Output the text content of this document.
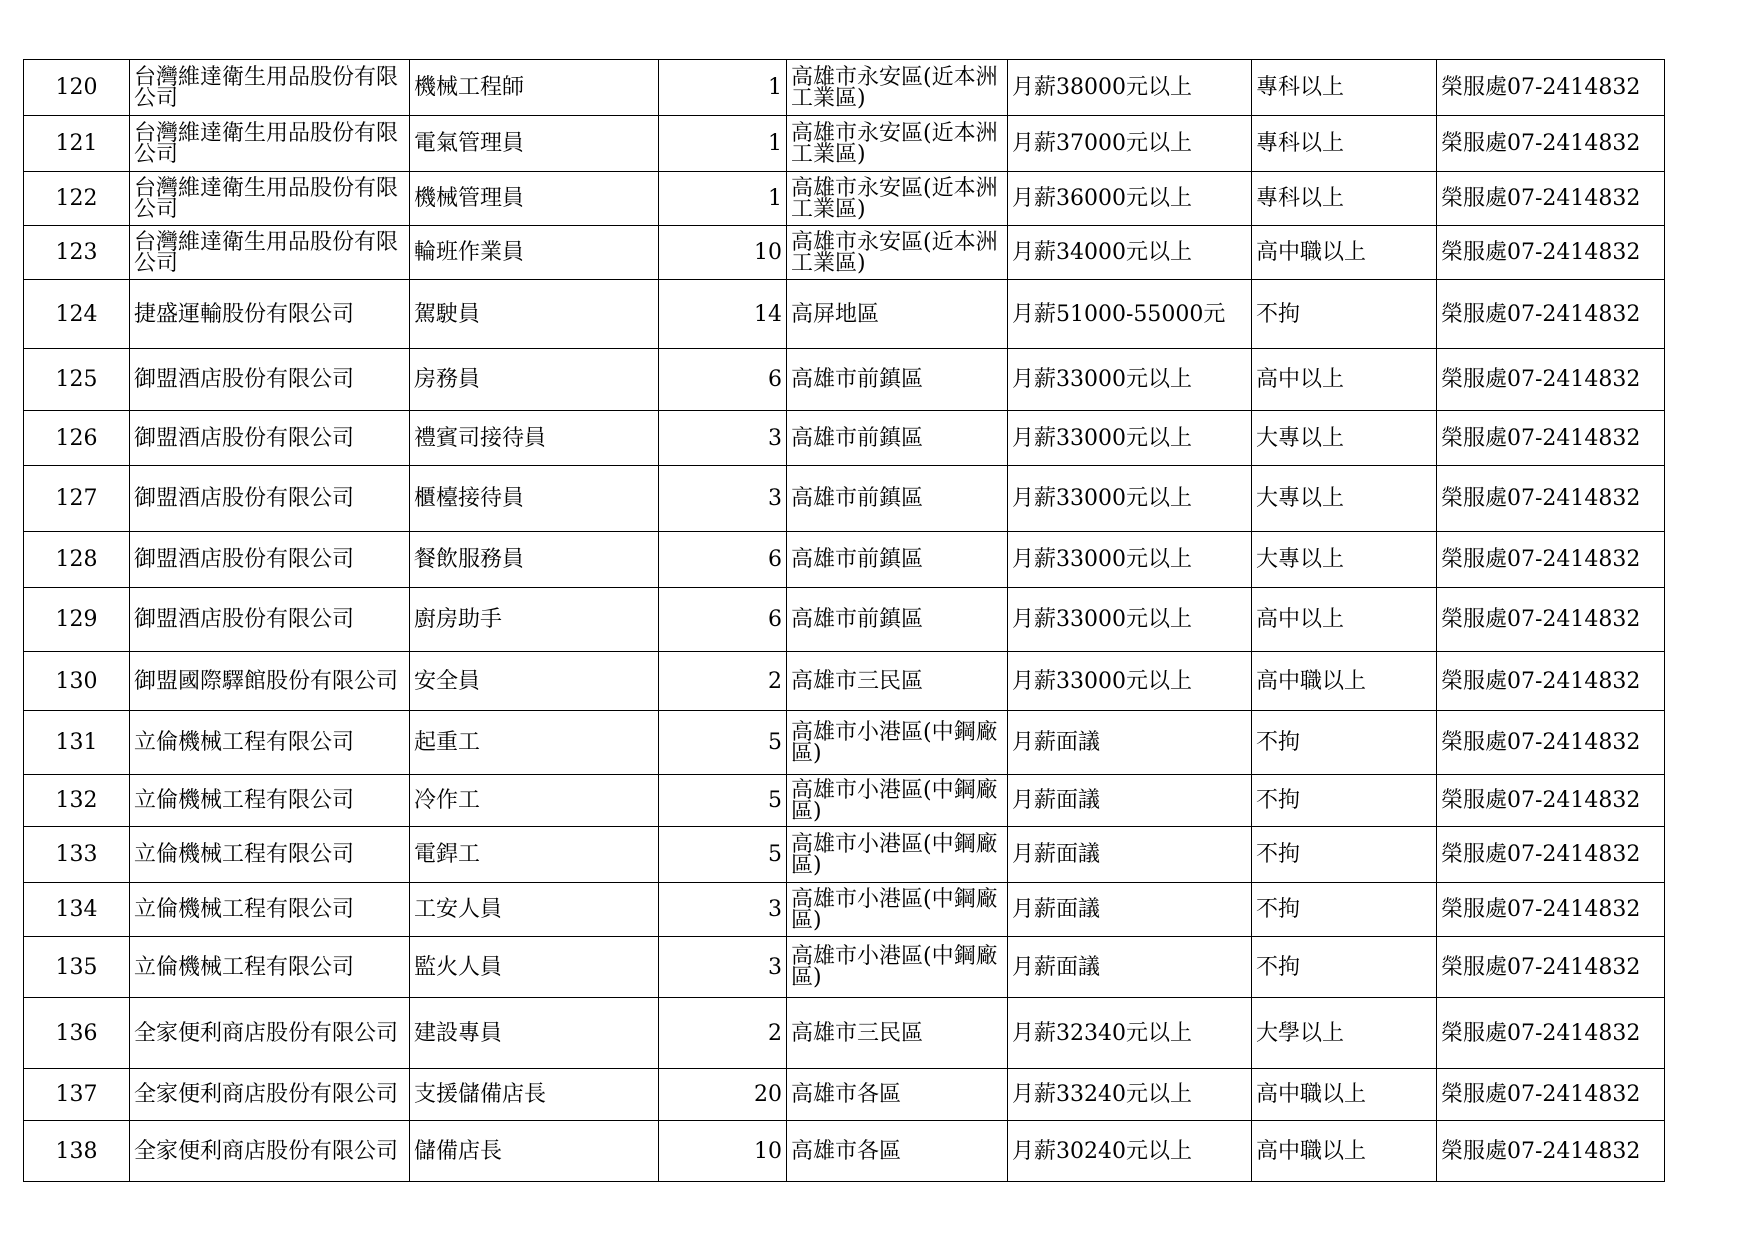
120	台灣維達衛生用品股份有限公司	機械工程師	1	高雄市永安區(近本洲工業區)	月薪38000元以上	專科以上	榮服處07-2414832
121	台灣維達衛生用品股份有限公司	電氣管理員	1	高雄市永安區(近本洲工業區)	月薪37000元以上	專科以上	榮服處07-2414832
122	台灣維達衛生用品股份有限公司	機械管理員	1	高雄市永安區(近本洲工業區)	月薪36000元以上	專科以上	榮服處07-2414832
123	台灣維達衛生用品股份有限公司	輪班作業員	10	高雄市永安區(近本洲工業區)	月薪34000元以上	高中職以上	榮服處07-2414832
124	捷盛運輸股份有限公司	駕駛員	14	高屏地區	月薪51000-55000元	不拘	榮服處07-2414832
125	御盟酒店股份有限公司	房務員	6	高雄市前鎮區	月薪33000元以上	高中以上	榮服處07-2414832
126	御盟酒店股份有限公司	禮賓司接待員	3	高雄市前鎮區	月薪33000元以上	大專以上	榮服處07-2414832
127	御盟酒店股份有限公司	櫃檯接待員	3	高雄市前鎮區	月薪33000元以上	大專以上	榮服處07-2414832
128	御盟酒店股份有限公司	餐飲服務員	6	高雄市前鎮區	月薪33000元以上	大專以上	榮服處07-2414832
129	御盟酒店股份有限公司	廚房助手	6	高雄市前鎮區	月薪33000元以上	高中以上	榮服處07-2414832
130	御盟國際驛館股份有限公司	安全員	2	高雄市三民區	月薪33000元以上	高中職以上	榮服處07-2414832
131	立倫機械工程有限公司	起重工	5	高雄市小港區(中鋼廠區)	月薪面議	不拘	榮服處07-2414832
132	立倫機械工程有限公司	冷作工	5	高雄市小港區(中鋼廠區)	月薪面議	不拘	榮服處07-2414832
133	立倫機械工程有限公司	電銲工	5	高雄市小港區(中鋼廠區)	月薪面議	不拘	榮服處07-2414832
134	立倫機械工程有限公司	工安人員	3	高雄市小港區(中鋼廠區)	月薪面議	不拘	榮服處07-2414832
135	立倫機械工程有限公司	監火人員	3	高雄市小港區(中鋼廠區)	月薪面議	不拘	榮服處07-2414832
136	全家便利商店股份有限公司	建設專員	2	高雄市三民區	月薪32340元以上	大學以上	榮服處07-2414832
137	全家便利商店股份有限公司	支援儲備店長	20	高雄市各區	月薪33240元以上	高中職以上	榮服處07-2414832
138	全家便利商店股份有限公司	儲備店長	10	高雄市各區	月薪30240元以上	高中職以上	榮服處07-2414832
